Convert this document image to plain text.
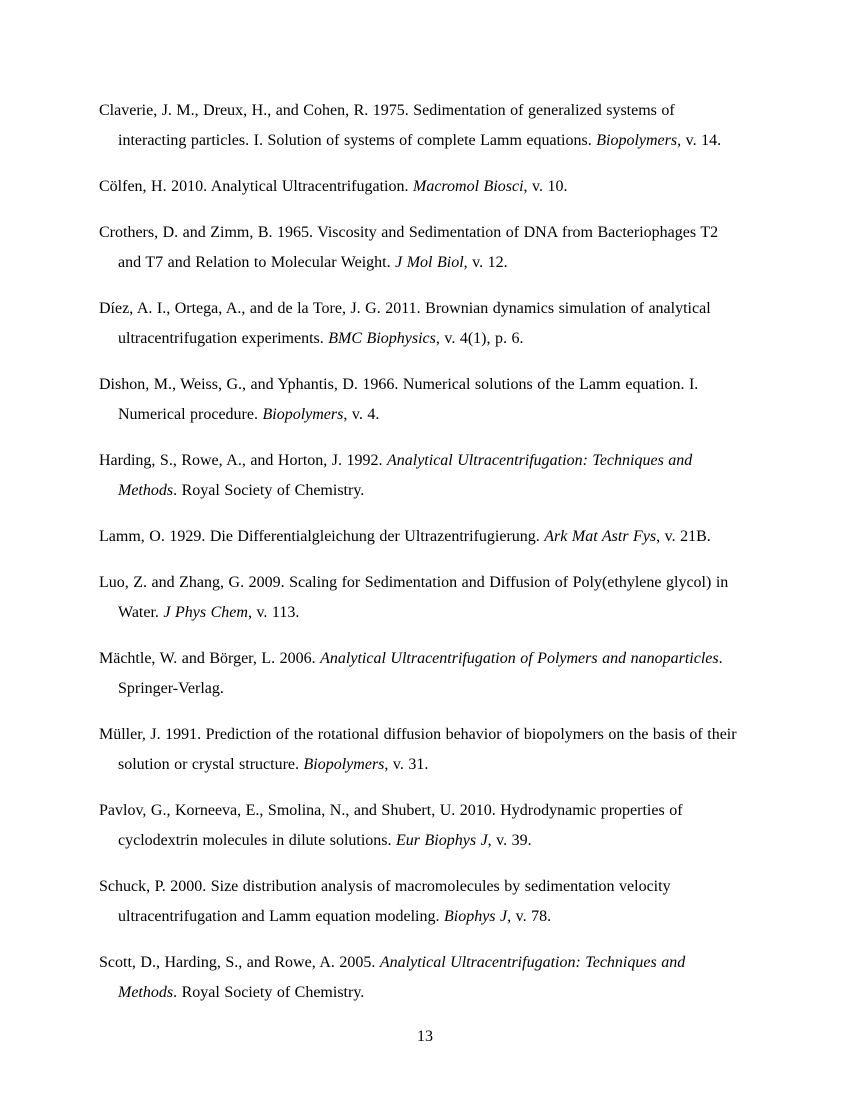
Claverie, J. M., Dreux, H., and Cohen, R. 1975. Sedimentation of generalized systems of interacting particles. I. Solution of systems of complete Lamm equations. Biopolymers, v. 14.

Cölfen, H. 2010. Analytical Ultracentrifugation. Macromol Biosci, v. 10.

Crothers, D. and Zimm, B. 1965. Viscosity and Sedimentation of DNA from Bacteriophages T2 and T7 and Relation to Molecular Weight. J Mol Biol, v. 12.

Díez, A. I., Ortega, A., and de la Tore, J. G. 2011. Brownian dynamics simulation of analytical ultracentrifugation experiments. BMC Biophysics, v. 4(1), p. 6.

Dishon, M., Weiss, G., and Yphantis, D. 1966. Numerical solutions of the Lamm equation. I. Numerical procedure. Biopolymers, v. 4.

Harding, S., Rowe, A., and Horton, J. 1992. Analytical Ultracentrifugation: Techniques and Methods. Royal Society of Chemistry.

Lamm, O. 1929. Die Differentialgleichung der Ultrazentrifugierung. Ark Mat Astr Fys, v. 21B.

Luo, Z. and Zhang, G. 2009. Scaling for Sedimentation and Diffusion of Poly(ethylene glycol) in Water. J Phys Chem, v. 113.

Mächtle, W. and Börger, L. 2006. Analytical Ultracentrifugation of Polymers and nanoparticles. Springer-Verlag.

Müller, J. 1991. Prediction of the rotational diffusion behavior of biopolymers on the basis of their solution or crystal structure. Biopolymers, v. 31.

Pavlov, G., Korneeva, E., Smolina, N., and Shubert, U. 2010. Hydrodynamic properties of cyclodextrin molecules in dilute solutions. Eur Biophys J, v. 39.

Schuck, P. 2000. Size distribution analysis of macromolecules by sedimentation velocity ultracentrifugation and Lamm equation modeling. Biophys J, v. 78.

Scott, D., Harding, S., and Rowe, A. 2005. Analytical Ultracentrifugation: Techniques and Methods. Royal Society of Chemistry.

13
